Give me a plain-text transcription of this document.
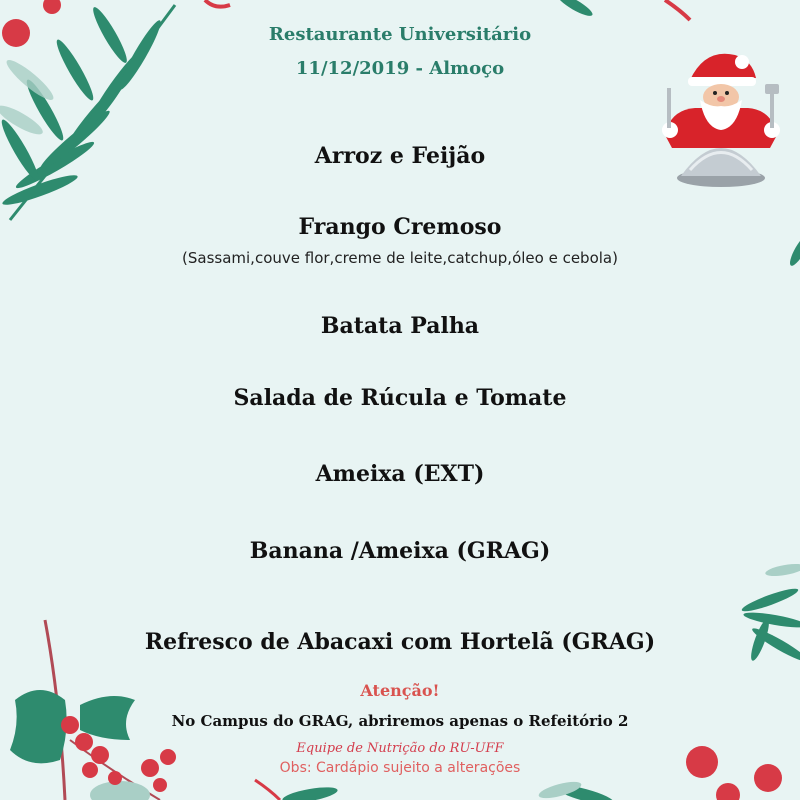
Restaurante Universitário
11/12/2019 - Almoço
Arroz e Feijão
Frango Cremoso
(Sassami,couve flor,creme de leite,catchup,óleo e cebola)
Batata Palha
Salada de Rúcula e Tomate
Ameixa (EXT)
Banana /Ameixa (GRAG)
Refresco de Abacaxi com Hortelã (GRAG)
Atenção!
No Campus do GRAG, abriremos apenas o Refeitório 2
Equipe de Nutrição do RU-UFF
Obs: Cardápio sujeito a alterações
